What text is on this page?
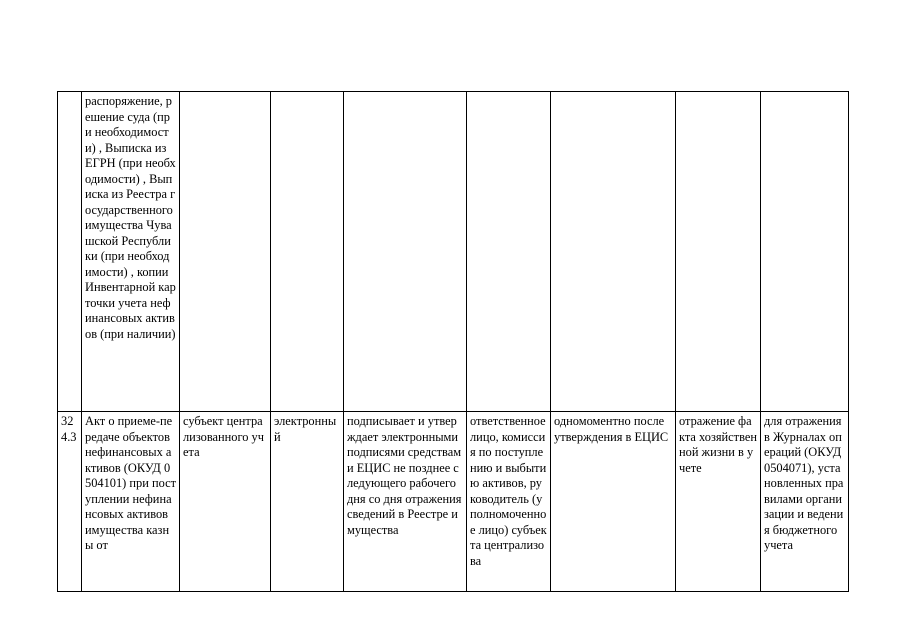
	распоряжение, решение суда (при необходимости) , Выписка из ЕГРН (при необходимости) , Выписка из Реестра государственного имущества Чувашской Республики (при необходимости) , копии Инвентарной карточки учета нефинансовых активов (при наличии)							
324.3	Акт о приеме-передаче объектов нефинансовых активов (ОКУД 0504101) при поступлении нефинансовых активов имущества казны от	субъект централизованного учета	электронный	подписывает и утверждает электронными подписями средствами ЕЦИС не позднее следующего рабочего дня со дня отражения сведений в Реестре имущества	ответственное лицо, комиссия по поступлению и выбытию активов, руководитель (уполномоченное лицо) субъекта централизова	одномоментно после утверждения в ЕЦИС	отражение факта хозяйственной жизни в учете	для отражения в Журналах операций (ОКУД 0504071), установленных правилами организации и ведения бюджетного учета
